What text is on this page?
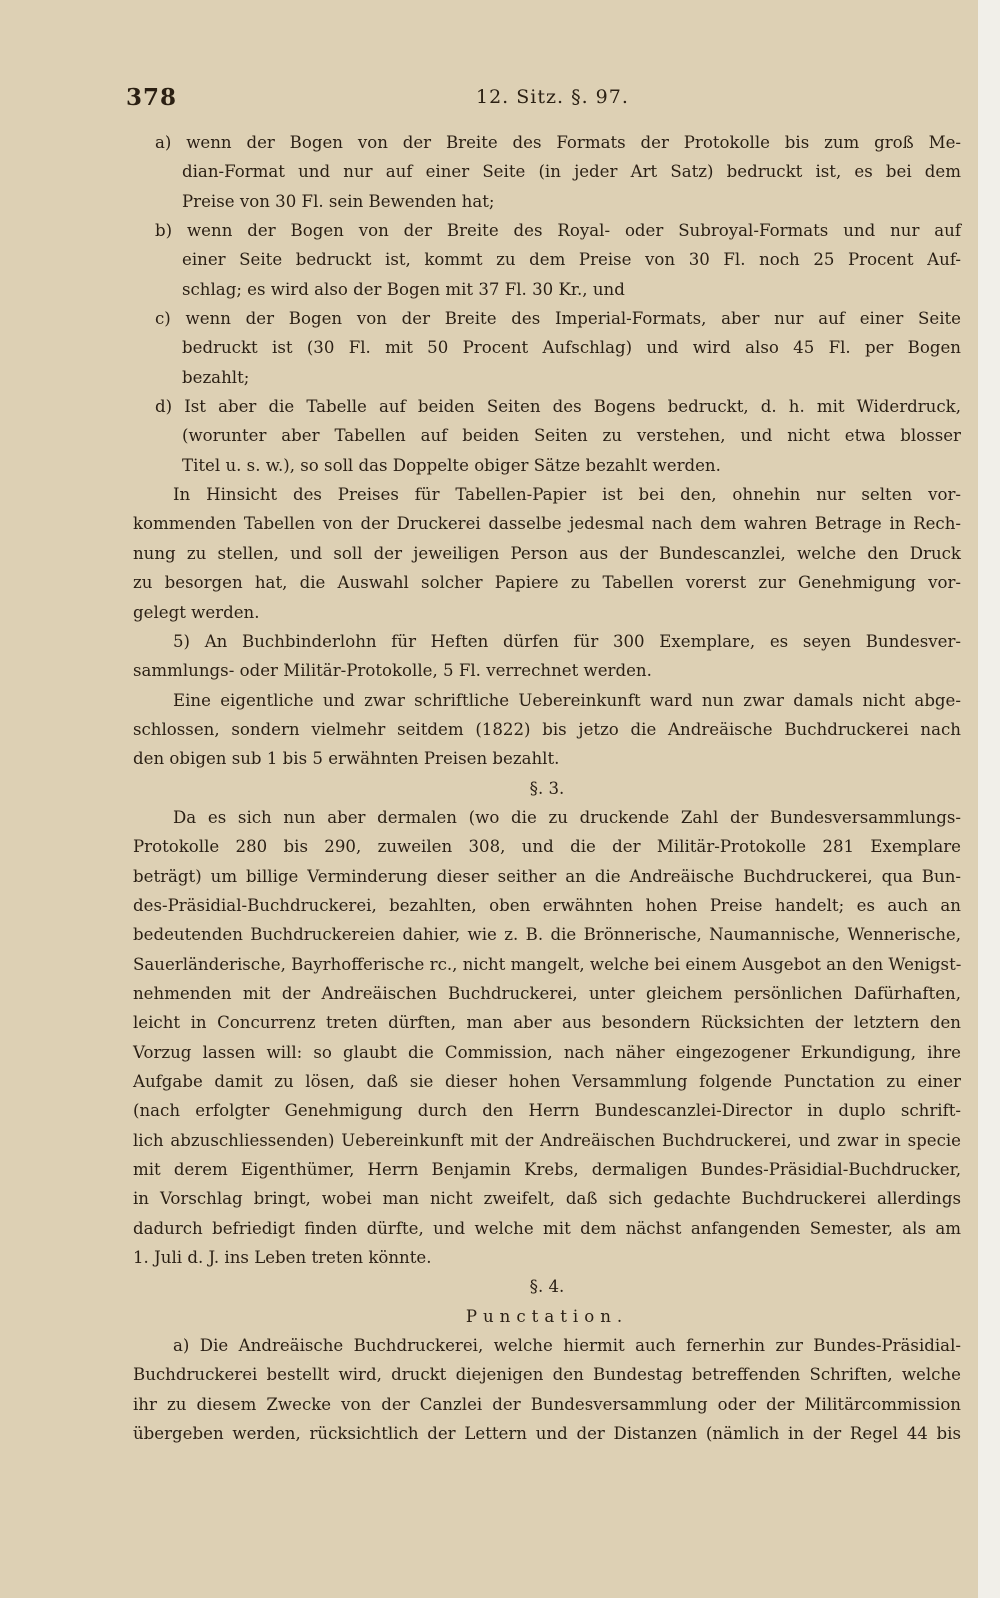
378	12. Sitz. §. 97.
a) wenn der Bogen von der Breite des Formats der Protokolle bis zum groß Me-
dian-Format und nur auf einer Seite (in jeder Art Satz) bedruckt ist, es bei dem
Preise von 30 Fl. sein Bewenden hat;
b) wenn der Bogen von der Breite des Royal- oder Subroyal-Formats und nur auf
einer Seite bedruckt ist, kommt zu dem Preise von 30 Fl. noch 25 Procent Auf-
schlag; es wird also der Bogen mit 37 Fl. 30 Kr., und
c) wenn der Bogen von der Breite des Imperial-Formats, aber nur auf einer Seite
bedruckt ist (30 Fl. mit 50 Procent Aufschlag) und wird also 45 Fl. per Bogen
bezahlt;
d) Ist aber die Tabelle auf beiden Seiten des Bogens bedruckt, d. h. mit Widerdruck,
(worunter aber Tabellen auf beiden Seiten zu verstehen, und nicht etwa blosser
Titel u. s. w.), so soll das Doppelte obiger Sätze bezahlt werden.
In Hinsicht des Preises für Tabellen-Papier ist bei den, ohnehin nur selten vor-
kommenden Tabellen von der Druckerei dasselbe jedesmal nach dem wahren Betrage in Rech-
nung zu stellen, und soll der jeweiligen Person aus der Bundescanzlei, welche den Druck
zu besorgen hat, die Auswahl solcher Papiere zu Tabellen vorerst zur Genehmigung vor-
gelegt werden.
5) An Buchbinderlohn für Heften dürfen für 300 Exemplare, es seyen Bundesver-
sammlungs- oder Militär-Protokolle, 5 Fl. verrechnet werden.
Eine eigentliche und zwar schriftliche Uebereinkunft ward nun zwar damals nicht abge-
schlossen, sondern vielmehr seitdem (1822) bis jetzo die Andreäische Buchdruckerei nach
den obigen sub 1 bis 5 erwähnten Preisen bezahlt.
§. 3.
Da es sich nun aber dermalen (wo die zu druckende Zahl der Bundesversammlungs-
Protokolle 280 bis 290, zuweilen 308, und die der Militär-Protokolle 281 Exemplare
beträgt) um billige Verminderung dieser seither an die Andreäische Buchdruckerei, qua Bun-
des-Präsidial-Buchdruckerei, bezahlten, oben erwähnten hohen Preise handelt; es auch an
bedeutenden Buchdruckereien dahier, wie z. B. die Brönnerische, Naumannische, Wennerische,
Sauerländerische, Bayrhofferische rc., nicht mangelt, welche bei einem Ausgebot an den Wenigst-
nehmenden mit der Andreäischen Buchdruckerei, unter gleichem persönlichen Dafürhaften,
leicht in Concurrenz treten dürften, man aber aus besondern Rücksichten der letztern den
Vorzug lassen will: so glaubt die Commission, nach näher eingezogener Erkundigung, ihre
Aufgabe damit zu lösen, daß sie dieser hohen Versammlung folgende Punctation zu einer
(nach erfolgter Genehmigung durch den Herrn Bundescanzlei-Director in duplo schrift-
lich abzuschliessenden) Uebereinkunft mit der Andreäischen Buchdruckerei, und zwar in specie
mit derem Eigenthümer, Herrn Benjamin Krebs, dermaligen Bundes-Präsidial-Buchdrucker,
in Vorschlag bringt, wobei man nicht zweifelt, daß sich gedachte Buchdruckerei allerdings
dadurch befriedigt finden dürfte, und welche mit dem nächst anfangenden Semester, als am
1. Juli d. J. ins Leben treten könnte.
§. 4.
Punctation.
a) Die Andreäische Buchdruckerei, welche hiermit auch fernerhin zur Bundes-Präsidial-
Buchdruckerei bestellt wird, druckt diejenigen den Bundestag betreffenden Schriften, welche
ihr zu diesem Zwecke von der Canzlei der Bundesversammlung oder der Militärcommission
übergeben werden, rücksichtlich der Lettern und der Distanzen (nämlich in der Regel 44 bis
